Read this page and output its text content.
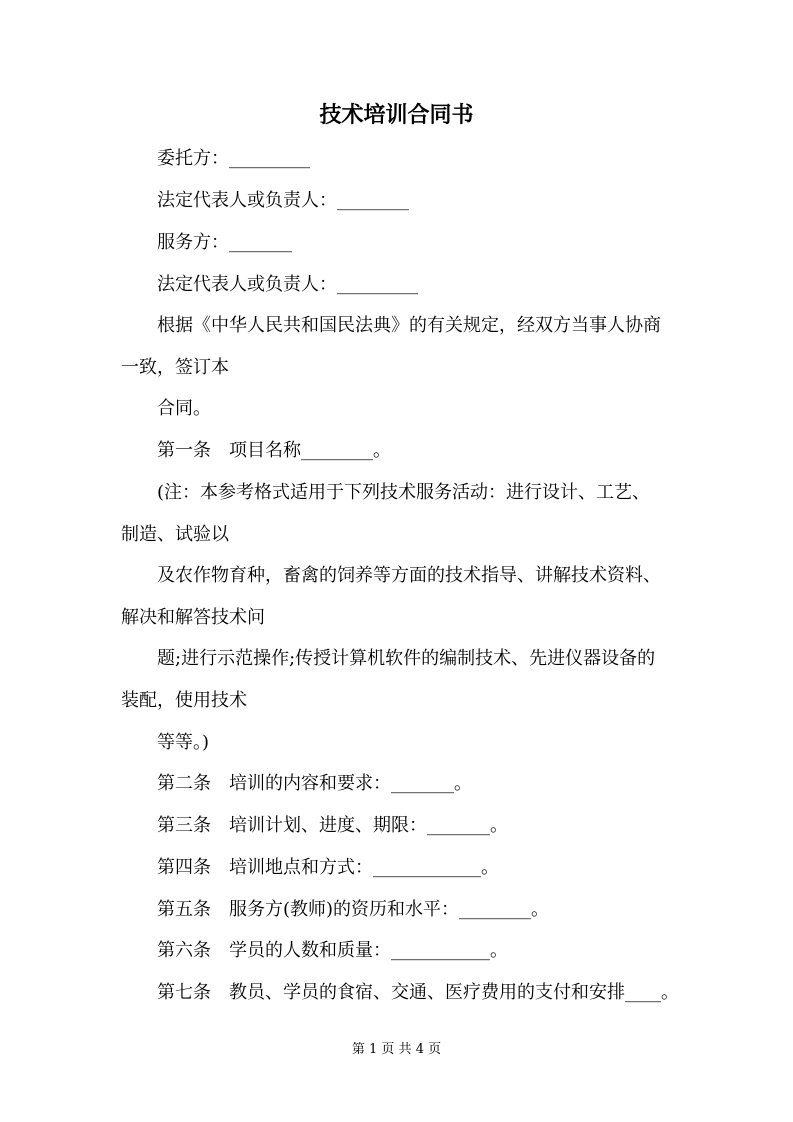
技术培训合同书
委托方：_________
法定代表人或负责人：________
服务方：_______
法定代表人或负责人：_________
根据《中华人民共和国民法典》的有关规定，经双方当事人协商
一致，签订本
合同。
第一条　项目名称________。
(注：本参考格式适用于下列技术服务活动：进行设计、工艺、
制造、试验以
及农作物育种，畜禽的饲养等方面的技术指导、讲解技术资料、
解决和解答技术问
题;进行示范操作;传授计算机软件的编制技术、先进仪器设备的
装配，使用技术
等等。)
第二条　培训的内容和要求：_______。
第三条　培训计划、进度、期限：_______。
第四条　培训地点和方式：____________。
第五条　服务方(教师)的资历和水平：________。
第六条　学员的人数和质量：___________。
第七条　教员、学员的食宿、交通、医疗费用的支付和安排____。
第 1 页 共 4 页
